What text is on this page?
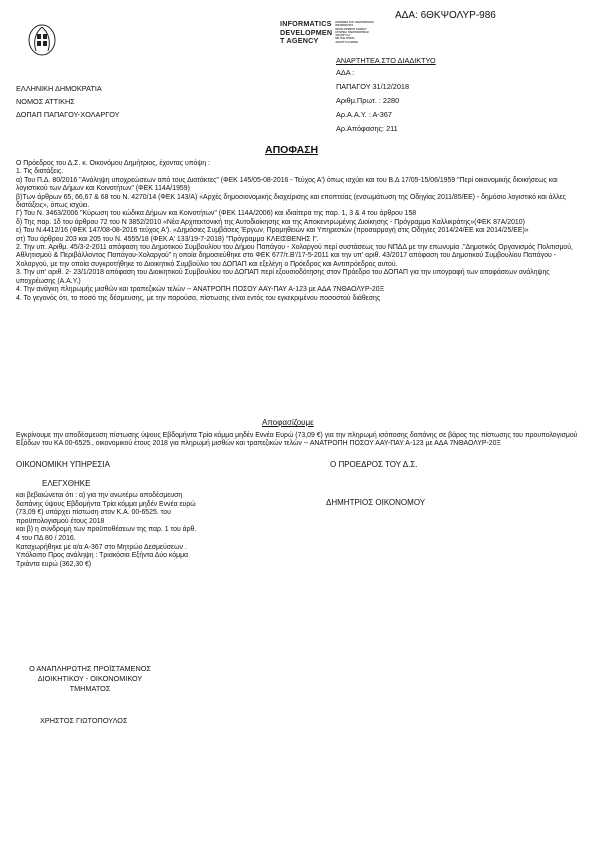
ΑΔΑ: 6ΘΚΨΟΛΥΡ-986
INFORMATICS
DEVELOPMEN
T AGENCY
ΚΟΙΝΩΝΙΑ ΤΗΣ ΠΛΗΡΟΦΟΡΙΑΣ
INFORMATICS
DEVELOPMENT AGENCY
ΕΤΑΙΡΕΙΑ ΠΛΗΡΟΦΟΡΙΚΗΣ
ΑΝΑΠΤΥΞΗ
ΜΕ ΤΗΝ ΟΠΟΙΑ
ΑΝΑΠΤΥΞΗ ΘΕΜΑ
ΕΛΛΗΝΙΚΗ ΔΗΜΟΚΡΑΤΙΑ
ΝΟΜΟΣ ΑΤΤΙΚΗΣ
ΔΟΠΑΠ ΠΑΠΑΓΟΥ-ΧΟΛΑΡΓΟΥ
ΑΝΑΡΤΗΤΕΑ ΣΤΟ ΔΙΑΔΙΚΤΥΟ
ΑΔΑ :
ΠΑΠΑΓΟΥ 31/12/2018
Αριθμ.Πρωτ. : 2280
Αρ.Α.Α.Υ. : Α-367
Αρ.Απόφασης: 211
ΑΠΟΦΑΣΗ

Ο Πρόεδρος του Δ.Σ. κ. Οικονόμου Δημήτριος, έχοντας υπόψη :

1. Τις διατάξεις.

α) Του Π.Δ. 80/2016 "Ανάληψη υποχρεώσεων από τους Διατάκτες" (ΦΕΚ 145/05-08-2016 - Τεύχος Α') όπως ισχύει και του Β.Δ 17/05-15/06/1959 "Περί οικονομικής διοικήσεως και λογιστικού των Δήμων και Κοινοτήτων" (ΦΕΚ 114Α/1959)

β)Των άρθρων 65, 66,67 & 68 του Ν. 4270/14 (ΦΕΚ 143/Α) «Αρχές δημοσιονομικής διαχείρισης και εποπτείας (ενσωμάτωση της Οδηγίας 2011/85/ΕΕ) - δημόσιο λογιστικό και άλλες διατάξεις», όπως ισχύει.

Γ) Του Ν. 3463/2006 "Κύρωση του κώδικα Δήμων και Κοινοτήτων" (ΦΕΚ 114Α/2006) και ιδιαίτερα της παρ. 1, 3 & 4 του άρθρου 158

δ) Της παρ. 1δ του άρθρου 72 του Ν 3852/2010 «Νέα Αρχιτεκτονική της Αυτοδιοίκησης και της Αποκεντρωμένης Διοίκησης - Πρόγραμμα Καλλικράτης»(ΦΕΚ 87Α/2010)

ε) Του Ν.4412/16 (ΦΕΚ 147/08-08-2016 τεύχος Α'). «Δημόσιες Συμβάσεις Έργων, Προμηθειών και Υπηρεσιών (προσαρμογή στις Οδηγίες 2014/24/ΕΕ και 2014/25/ΕΕ)»

στ) Του άρθρου 203 και 205 του Ν. 4555/18 (ΦΕΚ Α' 133/19-7-2018) "Πρόγραμμα ΚΛΕΙΣΘΕΝΗΣ Ι".

2. Την υπ. Αριθμ. 45/3-2-2011 απόφαση του Δημοτικού Συμβουλίου του Δήμου Παπάγου - Χολαργού περί συστάσεως του ΝΠΔΔ με την επωνυμία ."Δημοτικός Οργανισμός Πολιτισμού, Αθλητισμού & Περιβάλλοντος Παπάγου-Χολαργού" η οποία δημοσιεύθηκε στο ΦΕΚ 677/τ.Β'/17-5-2011 και την υπ' αριθ. 43/2017 απόφαση του Δημοτικού Συμβουλίου Παπάγου - Χολαργού, με την οποία συγκροτήθηκε το Διοικητικό Συμβούλιο του ΔΟΠΑΠ και εξελέγη ο Πρόεδρος και Αντιπρόεδρος αυτού.

3. Την υπ' αριθ. 2- 23/1/2018 απόφαση του Διοικητικού Συμβουλίου του ΔΟΠΑΠ περί εξουσιοδότησης στον Πρόεδρο του ΔΟΠΑΠ για την υπογραφή των αποφάσεων ανάληψης υποχρέωσης (Α.Α.Υ.)

4. Την ανάγκη πληρωμής μισθών και τραπεζικών τελών -- ΑΝΑΤΡΟΠΗ ΠΟΣΟΥ ΑΑΥ-ΠΑΥ Α-123 με ΑΔΑ 7ΝΘΑΟΛΥΡ-20Ξ

4. Το γεγονός ότι, το ποσό της δέσμευσης, με την παρούσα, πίστωσης είναι εντός του εγκεκριμένου ποσοστού διάθεσης

Αποφασίζουμε

Εγκρίνουμε την αποδέσμευση πίστωσης ύψους Εβδομήντα Τρία κόμμα μηδέν Εννέα Ευρώ (73,09 €) για την πληρωμή ισόποσης δαπάνης σε βάρος της πίστωσης του προυπολογισμού Εξόδων του ΚΑ 00-6525., οικονομικού έτους 2018 για πληρωμή μισθών και τραπεζικών τελών -- ΑΝΑΤΡΟΠΗ ΠΟΣΟΥ ΑΑΥ-ΠΑΥ Α-123 με ΑΔΑ 7ΝΘΑΟΛΥΡ-20Ξ

ΟΙΚΟΝΟΜΙΚΗ ΥΠΗΡΕΣΙΑ
ΕΛΕΓΧΘΗΚΕ
και βεβαιώνεται ότι : α) για την ανωτέρω αποδέσμευση
δαπάνης ύψους Εβδομήντα Τρία κόμμα μηδέν Εννέα ευρώ
(73,09 €) υπάρχει πίστωση στον Κ.Α. 00-6525. του
προϋπολογισμού έτους 2018
και β) η συνδρομή των προϋποθέσεων της παρ. 1 του άρθ.
4 του ΠΔ 80 / 2016.
Καταχωρήθηκε με α/α Α-367 στο Μητρώο Δεσμεύσεων .
Υπόλοιπο Προς ανάληψη : Τριακόσια Εξήντα Δύο κόμμα
Τριάντα ευρώ (362,30 €)
Ο ΠΡΟΕΔΡΟΣ ΤΟΥ Δ.Σ.
ΔΗΜΗΤΡΙΟΣ ΟΙΚΟΝΟΜΟΥ
Ο ΑΝΑΠΛΗΡΩΤΗΣ ΠΡΟΪΣΤΑΜΕΝΟΣ
ΔΙΟΙΚΗΤΙΚΟΥ - ΟΙΚΟΝΟΜΙΚΟΥ
ΤΜΗΜΑΤΟΣ
ΧΡΗΣΤΟΣ ΓΙΩΤΟΠΟΥΛΟΣ
